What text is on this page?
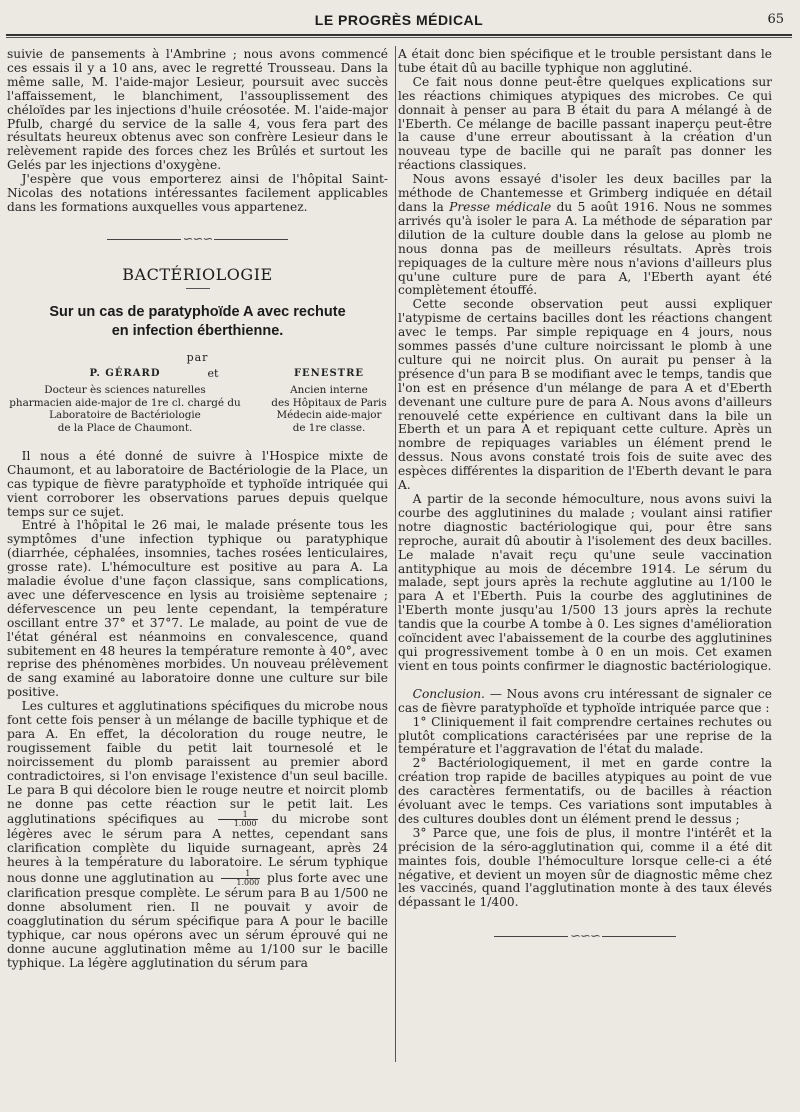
LE PROGRÈS MÉDICAL	65

suivie de pansements à l'Ambrine ; nous avons commencé ces essais il y a 10 ans, avec le regretté Trousseau. Dans la même salle, M. l'aide-major Lesieur, poursuit avec succès l'affaissement, le blanchiment, l'assouplissement des chéloïdes par les injections d'huile créosotée. M. l'aide-major Pfulb, chargé du service de la salle 4, vous fera part des résultats heureux obtenus avec son confrère Lesieur dans le relèvement rapide des forces chez les Brûlés et surtout les Gelés par les injections d'oxygène.

J'espère que vous emporterez ainsi de l'hôpital Saint-Nicolas des notations intéressantes facilement applicables dans les formations auxquelles vous appartenez.

∽∽∽
BACTÉRIOLOGIE
Sur un cas de paratyphoïde A avec rechute
en infection éberthienne.
par
P. GÉRARD
Docteur ès sciences naturelles
pharmacien aide-major de 1re cl. chargé du
Laboratoire de Bactériologie
de la Place de Chaumont.
et	FENESTRE
Ancien interne
des Hôpitaux de Paris
Médecin aide-major
de 1re classe.

Il nous a été donné de suivre à l'Hospice mixte de Chaumont, et au laboratoire de Bactériologie de la Place, un cas typique de fièvre paratyphoïde et typhoïde intriquée qui vient corroborer les observations parues depuis quelque temps sur ce sujet.

Entré à l'hôpital le 26 mai, le malade présente tous les symptômes d'une infection typhique ou paratyphique (diarrhée, céphalées, insomnies, taches rosées lenticulaires, grosse rate). L'hémoculture est positive au para A. La maladie évolue d'une façon classique, sans complications, avec une défervescence en lysis au troisième septenaire ; défervescence un peu lente cependant, la température oscillant entre 37° et 37°7. Le malade, au point de vue de l'état général est néanmoins en convalescence, quand subitement en 48 heures la température remonte à 40°, avec reprise des phénomènes morbides. Un nouveau prélèvement de sang examiné au laboratoire donne une culture sur bile positive.

Les cultures et agglutinations spécifiques du microbe nous font cette fois penser à un mélange de bacille typhique et de para A. En effet, la décoloration du rouge neutre, le rougissement faible du petit lait tournesolé et le noircissement du plomb paraissent au premier abord contradictoires, si l'on envisage l'existence d'un seul bacille. Le para B qui décolore bien le rouge neutre et noircit plomb ne donne pas cette réaction sur le petit lait. Les agglutinations spécifiques au $\frac{1}{1.000}$ du microbe sont légères avec le sérum para A nettes, cependant sans clarification complète du liquide surnageant, après 24 heures à la température du laboratoire. Le sérum typhique nous donne une agglutination au $\frac{1}{1.000}$ plus forte avec une clarification presque complète. Le sérum para B au 1/500 ne donne absolument rien. Il ne pouvait y avoir de coagglutination du sérum spécifique para A pour le bacille typhique, car nous opérons avec un sérum éprouvé qui ne donne aucune agglutination même au 1/100 sur le bacille typhique. La légère agglutination du sérum para

A était donc bien spécifique et le trouble persistant dans le tube était dû au bacille typhique non agglutiné.

Ce fait nous donne peut-être quelques explications sur les réactions chimiques atypiques des microbes. Ce qui donnait à penser au para B était du para A mélangé à de l'Eberth. Ce mélange de bacille passant inaperçu peut-être la cause d'une erreur aboutissant à la création d'un nouveau type de bacille qui ne paraît pas donner les réactions classiques.

Nous avons essayé d'isoler les deux bacilles par la méthode de Chantemesse et Grimberg indiquée en détail dans la Presse médicale du 5 août 1916. Nous ne sommes arrivés qu'à isoler le para A. La méthode de séparation par dilution de la culture double dans la gelose au plomb ne nous donna pas de meilleurs résultats. Après trois repiquages de la culture mère nous n'avions d'ailleurs plus qu'une culture pure de para A, l'Eberth ayant été complètement étouffé.

Cette seconde observation peut aussi expliquer l'atypisme de certains bacilles dont les réactions changent avec le temps. Par simple repiquage en 4 jours, nous sommes passés d'une culture noircissant le plomb à une culture qui ne noircit plus. On aurait pu penser à la présence d'un para B se modifiant avec le temps, tandis que l'on est en présence d'un mélange de para A et d'Eberth devenant une culture pure de para A. Nous avons d'ailleurs renouvelé cette expérience en cultivant dans la bile un Eberth et un para A et repiquant cette culture. Après un nombre de repiquages variables un élément prend le dessus. Nous avons constaté trois fois de suite avec des espèces différentes la disparition de l'Eberth devant le para A.

A partir de la seconde hémoculture, nous avons suivi la courbe des agglutinines du malade ; voulant ainsi ratifier notre diagnostic bactériologique qui, pour être sans reproche, aurait dû aboutir à l'isolement des deux bacilles. Le malade n'avait reçu qu'une seule vaccination antityphique au mois de décembre 1914. Le sérum du malade, sept jours après la rechute agglutine au 1/100 le para A et l'Eberth. Puis la courbe des agglutinines de l'Eberth monte jusqu'au 1/500 13 jours après la rechute tandis que la courbe A tombe à 0. Les signes d'amélioration coïncident avec l'abaissement de la courbe des agglutinines qui progressivement tombe à 0 en un mois. Cet examen vient en tous points confirmer le diagnostic bactériologique.

Conclusion. — Nous avons cru intéressant de signaler ce cas de fièvre paratyphoïde et typhoïde intriquée parce que :

1° Cliniquement il fait comprendre certaines rechutes ou plutôt complications caractérisées par une reprise de la température et l'aggravation de l'état du malade.

2° Bactériologiquement, il met en garde contre la création trop rapide de bacilles atypiques au point de vue des caractères fermentatifs, ou de bacilles à réaction évoluant avec le temps. Ces variations sont imputables à des cultures doubles dont un élément prend le dessus ;

3° Parce que, une fois de plus, il montre l'intérêt et la précision de la séro-agglutination qui, comme il a été dit maintes fois, double l'hémoculture lorsque celle-ci a été négative, et devient un moyen sûr de diagnostic même chez les vaccinés, quand l'agglutination monte à des taux élevés dépassant le 1/400.

∽∽∽
